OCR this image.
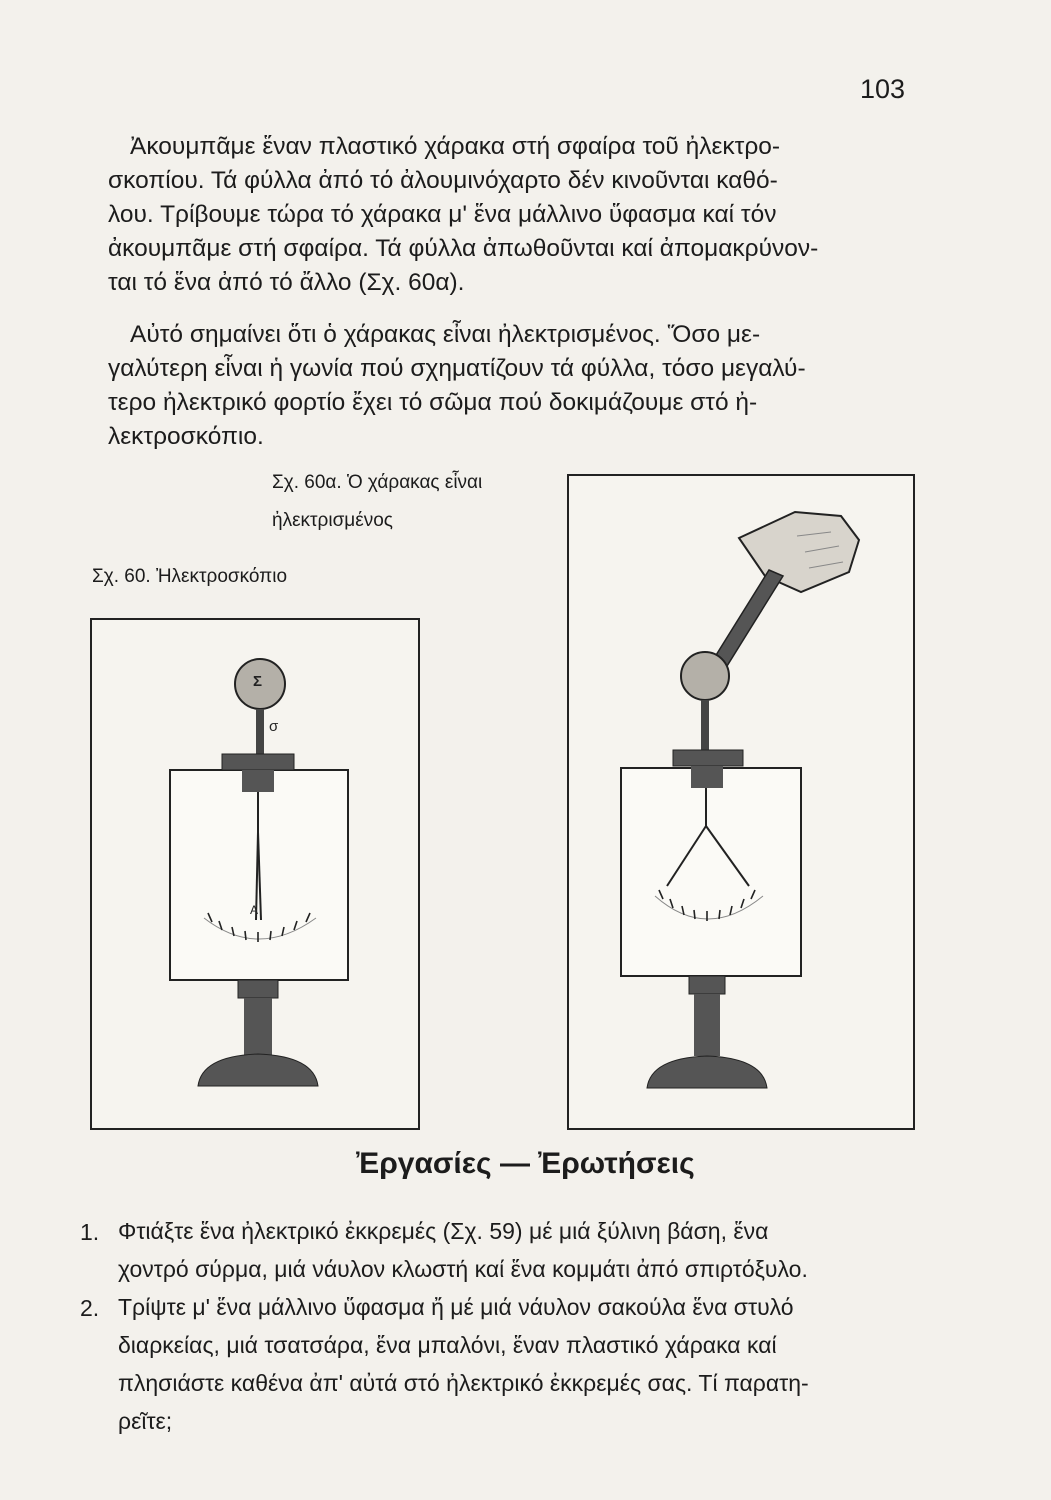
103

Ἀκουμπᾶμε ἕναν πλαστικό χάρακα στή σφαίρα τοῦ ἠλεκτρο-
σκοπίου. Τά φύλλα ἀπό τό ἀλουμινόχαρτο δέν κινοῦνται καθό-
λου. Τρίβουμε τώρα τό χάρακα μ' ἕνα μάλλινο ὕφασμα καί τόν
ἀκουμπᾶμε στή σφαίρα. Τά φύλλα ἀπωθοῦνται καί ἀπομακρύνον-
ται τό ἕνα ἀπό τό ἄλλο (Σχ. 60α).

Αὐτό σημαίνει ὅτι ὁ χάρακας εἶναι ἠλεκτρισμένος. Ὅσο με-
γαλύτερη εἶναι ἡ γωνία πού σχηματίζουν τά φύλλα, τόσο μεγαλύ-
τερο ἠλεκτρικό φορτίο ἔχει τό σῶμα πού δοκιμάζουμε στό ἠ-
λεκτροσκόπιο.

Σχ. 60α. Ὁ χάρακας εἶναι
ἠλεκτρισμένος
Σχ. 60. Ἠλεκτροσκόπιο
Σ
σ
Α
Ἐργασίες — Ἐρωτήσεις
1. Φτιάξτε ἕνα ἠλεκτρικό ἐκκρεμές (Σχ. 59) μέ μιά ξύλινη βάση, ἕνα
χοντρό σύρμα, μιά νάυλον κλωστή καί ἕνα κομμάτι ἀπό σπιρτόξυλο.

2. Τρίψτε μ' ἕνα μάλλινο ὕφασμα ἤ μέ μιά νάυλον σακούλα ἕνα στυλό
διαρκείας, μιά τσατσάρα, ἕνα μπαλόνι, ἕναν πλαστικό χάρακα καί
πλησιάστε καθένα ἀπ' αὐτά στό ἠλεκτρικό ἐκκρεμές σας. Τί παρατη-
ρεῖτε;
